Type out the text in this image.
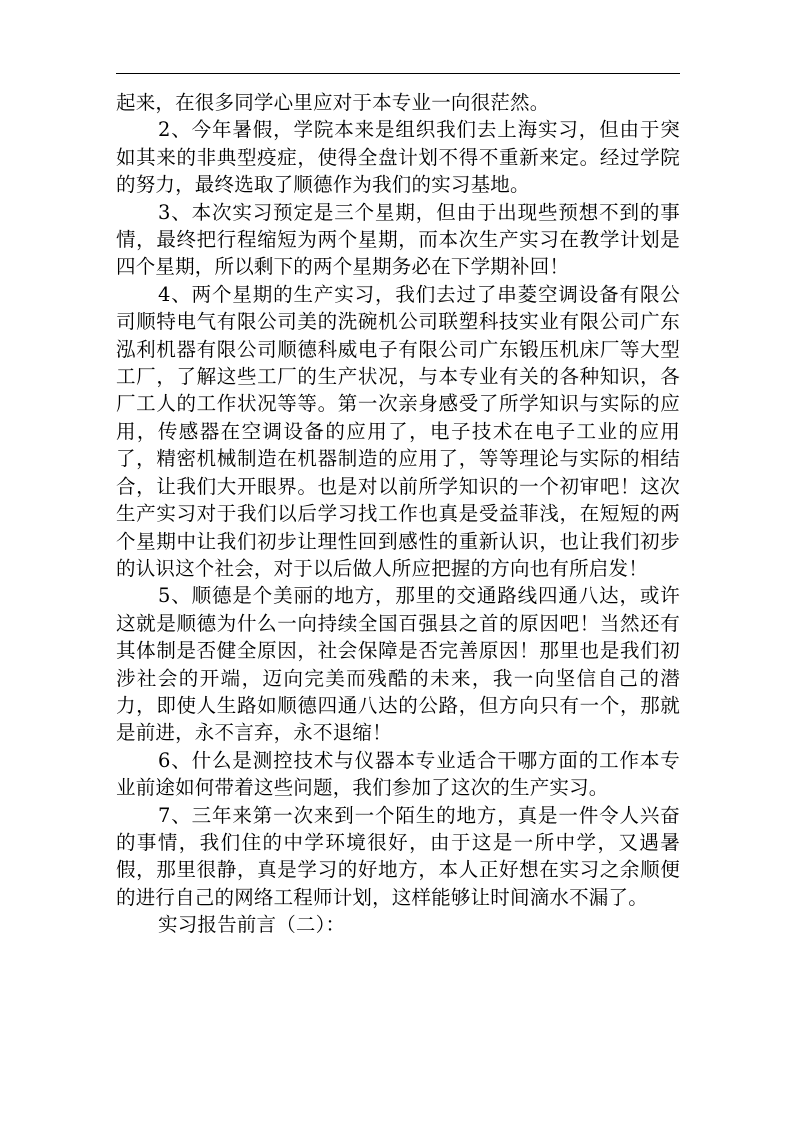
起来，在很多同学心里应对于本专业一向很茫然。

2、今年暑假，学院本来是组织我们去上海实习，但由于突如其来的非典型疫症，使得全盘计划不得不重新来定。经过学院的努力，最终选取了顺德作为我们的实习基地。

3、本次实习预定是三个星期，但由于出现些预想不到的事情，最终把行程缩短为两个星期，而本次生产实习在教学计划是四个星期，所以剩下的两个星期务必在下学期补回！

4、两个星期的生产实习，我们去过了串菱空调设备有限公司顺特电气有限公司美的洗碗机公司联塑科技实业有限公司广东泓利机器有限公司顺德科威电子有限公司广东锻压机床厂等大型工厂，了解这些工厂的生产状况，与本专业有关的各种知识，各厂工人的工作状况等等。第一次亲身感受了所学知识与实际的应用，传感器在空调设备的应用了，电子技术在电子工业的应用了，精密机械制造在机器制造的应用了，等等理论与实际的相结合，让我们大开眼界。也是对以前所学知识的一个初审吧！这次生产实习对于我们以后学习找工作也真是受益菲浅，在短短的两个星期中让我们初步让理性回到感性的重新认识，也让我们初步的认识这个社会，对于以后做人所应把握的方向也有所启发！

5、顺德是个美丽的地方，那里的交通路线四通八达，或许这就是顺德为什么一向持续全国百强县之首的原因吧！当然还有其体制是否健全原因，社会保障是否完善原因！那里也是我们初涉社会的开端，迈向完美而残酷的未来，我一向坚信自己的潜力，即使人生路如顺德四通八达的公路，但方向只有一个，那就是前进，永不言弃，永不退缩！

6、什么是测控技术与仪器本专业适合干哪方面的工作本专业前途如何带着这些问题，我们参加了这次的生产实习。

7、三年来第一次来到一个陌生的地方，真是一件令人兴奋的事情，我们住的中学环境很好，由于这是一所中学，又遇暑假，那里很静，真是学习的好地方，本人正好想在实习之余顺便的进行自己的网络工程师计划，这样能够让时间滴水不漏了。

实习报告前言（二）：
